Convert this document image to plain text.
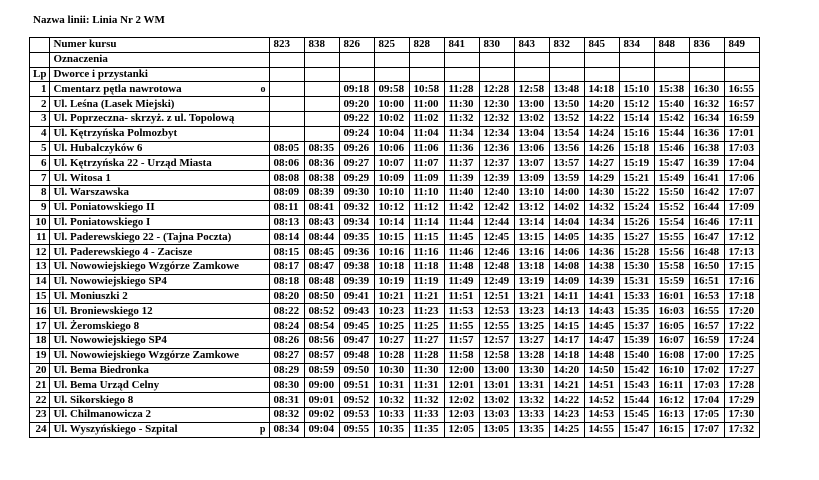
Nazwa linii: Linia Nr 2 WM
	Numer kursu	823	838	826	825	828	841	830	843	832	845	834	848	836	849
	Oznaczenia														
Lp	Dworce i przystanki														
1	Cmentarz pętla nawrotowa o			09:18	09:58	10:58	11:28	12:28	12:58	13:48	14:18	15:10	15:38	16:30	16:55
2	Ul. Leśna (Lasek Miejski)			09:20	10:00	11:00	11:30	12:30	13:00	13:50	14:20	15:12	15:40	16:32	16:57
3	Ul. Poprzeczna- skrzyż. z ul. Topolową			09:22	10:02	11:02	11:32	12:32	13:02	13:52	14:22	15:14	15:42	16:34	16:59
4	Ul. Kętrzyńska Polmozbyt			09:24	10:04	11:04	11:34	12:34	13:04	13:54	14:24	15:16	15:44	16:36	17:01
5	Ul. Hubalczyków 6	08:05	08:35	09:26	10:06	11:06	11:36	12:36	13:06	13:56	14:26	15:18	15:46	16:38	17:03
6	Ul. Kętrzyńska 22 - Urząd Miasta	08:06	08:36	09:27	10:07	11:07	11:37	12:37	13:07	13:57	14:27	15:19	15:47	16:39	17:04
7	Ul. Witosa 1	08:08	08:38	09:29	10:09	11:09	11:39	12:39	13:09	13:59	14:29	15:21	15:49	16:41	17:06
8	Ul. Warszawska	08:09	08:39	09:30	10:10	11:10	11:40	12:40	13:10	14:00	14:30	15:22	15:50	16:42	17:07
9	Ul. Poniatowskiego II	08:11	08:41	09:32	10:12	11:12	11:42	12:42	13:12	14:02	14:32	15:24	15:52	16:44	17:09
10	Ul. Poniatowskiego I	08:13	08:43	09:34	10:14	11:14	11:44	12:44	13:14	14:04	14:34	15:26	15:54	16:46	17:11
11	Ul. Paderewskiego 22 - (Tajna Poczta)	08:14	08:44	09:35	10:15	11:15	11:45	12:45	13:15	14:05	14:35	15:27	15:55	16:47	17:12
12	Ul. Paderewskiego 4 - Zacisze	08:15	08:45	09:36	10:16	11:16	11:46	12:46	13:16	14:06	14:36	15:28	15:56	16:48	17:13
13	Ul. Nowowiejskiego Wzgórze Zamkowe	08:17	08:47	09:38	10:18	11:18	11:48	12:48	13:18	14:08	14:38	15:30	15:58	16:50	17:15
14	Ul. Nowowiejskiego SP4	08:18	08:48	09:39	10:19	11:19	11:49	12:49	13:19	14:09	14:39	15:31	15:59	16:51	17:16
15	Ul. Moniuszki 2	08:20	08:50	09:41	10:21	11:21	11:51	12:51	13:21	14:11	14:41	15:33	16:01	16:53	17:18
16	Ul. Broniewskiego 12	08:22	08:52	09:43	10:23	11:23	11:53	12:53	13:23	14:13	14:43	15:35	16:03	16:55	17:20
17	Ul. Żeromskiego 8	08:24	08:54	09:45	10:25	11:25	11:55	12:55	13:25	14:15	14:45	15:37	16:05	16:57	17:22
18	Ul. Nowowiejskiego SP4	08:26	08:56	09:47	10:27	11:27	11:57	12:57	13:27	14:17	14:47	15:39	16:07	16:59	17:24
19	Ul. Nowowiejskiego Wzgórze Zamkowe	08:27	08:57	09:48	10:28	11:28	11:58	12:58	13:28	14:18	14:48	15:40	16:08	17:00	17:25
20	Ul. Bema Biedronka	08:29	08:59	09:50	10:30	11:30	12:00	13:00	13:30	14:20	14:50	15:42	16:10	17:02	17:27
21	Ul. Bema Urząd Celny	08:30	09:00	09:51	10:31	11:31	12:01	13:01	13:31	14:21	14:51	15:43	16:11	17:03	17:28
22	Ul. Sikorskiego 8	08:31	09:01	09:52	10:32	11:32	12:02	13:02	13:32	14:22	14:52	15:44	16:12	17:04	17:29
23	Ul. Chilmanowicza 2	08:32	09:02	09:53	10:33	11:33	12:03	13:03	13:33	14:23	14:53	15:45	16:13	17:05	17:30
24	Ul. Wyszyńskiego - Szpital p	08:34	09:04	09:55	10:35	11:35	12:05	13:05	13:35	14:25	14:55	15:47	16:15	17:07	17:32
